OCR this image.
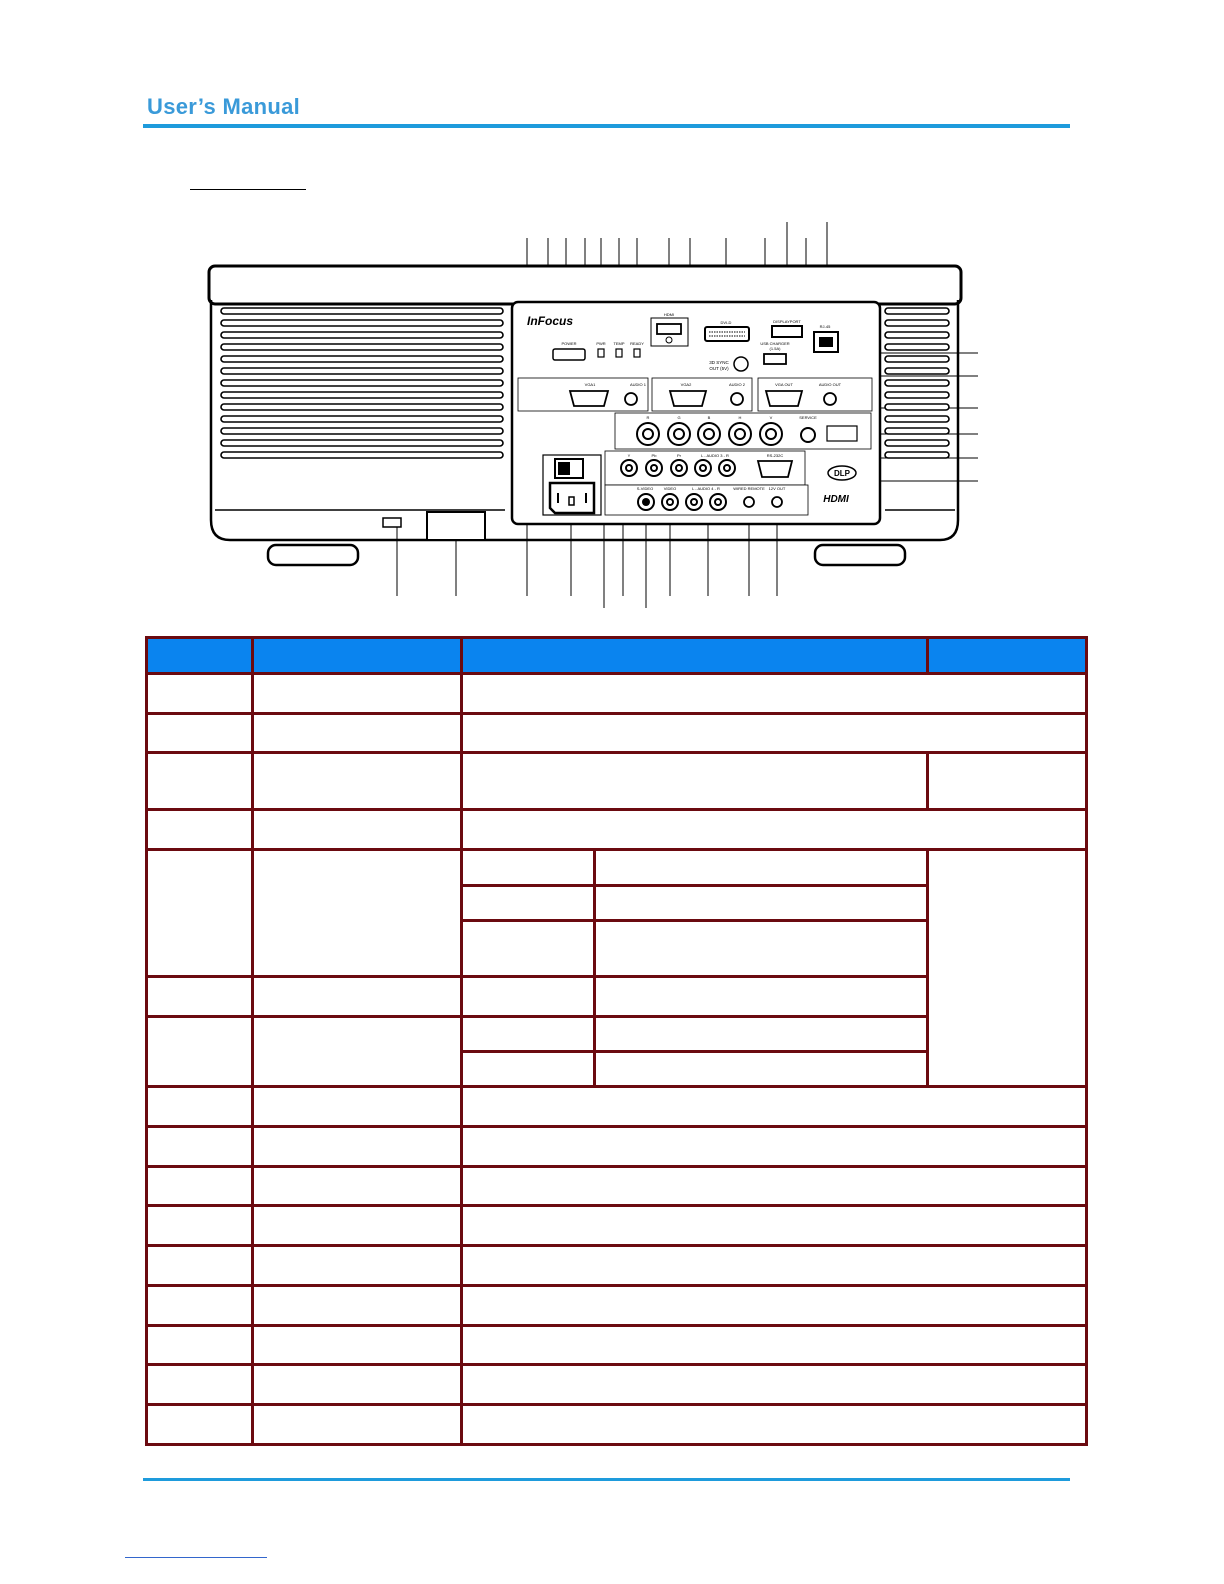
User’s Manual
InFocus
POWER	PWR TEMP READY
HDMI
DVI-D
3D SYNC
OUT (5V)
DISPLAYPORT
USB CHARGER
(1.5A)
RJ-45
VGA1	AUDIO 1	VGA2	AUDIO 2	VGA OUT	AUDIO OUT
R	G	B	H	V	SERVICE
Y	Pb	Pr	L - AUDIO 3 - R	RS-232C
S-VIDEO	VIDEO	L - AUDIO 4 - R	WIRED REMOTE 12V OUT
DLP
HDMI
